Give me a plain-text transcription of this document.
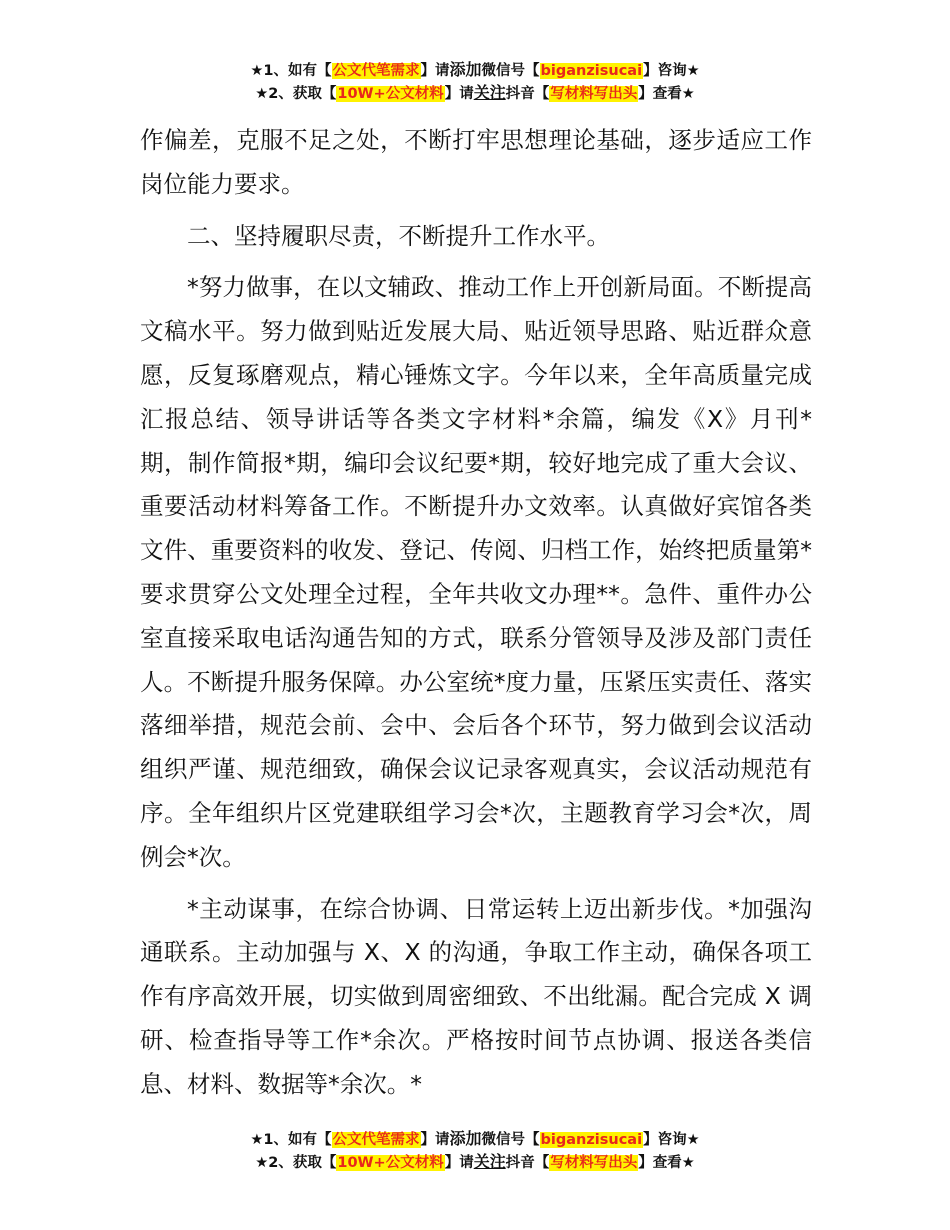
★1、如有【公文代笔需求】请添加微信号【biganzisucai】咨询★
★2、获取【10W+公文材料】请关注抖音【写材料写出头】查看★

作偏差，克服不足之处，不断打牢思想理论基础，逐步适应工作岗位能力要求。

二、坚持履职尽责，不断提升工作水平。

*努力做事，在以文辅政、推动工作上开创新局面。不断提高文稿水平。努力做到贴近发展大局、贴近领导思路、贴近群众意愿，反复琢磨观点，精心锤炼文字。今年以来，全年高质量完成汇报总结、领导讲话等各类文字材料*余篇，编发《X》月刊*期，制作简报*期，编印会议纪要*期，较好地完成了重大会议、重要活动材料筹备工作。不断提升办文效率。认真做好宾馆各类文件、重要资料的收发、登记、传阅、归档工作，始终把质量第*要求贯穿公文处理全过程，全年共收文办理**。急件、重件办公室直接采取电话沟通告知的方式，联系分管领导及涉及部门责任人。不断提升服务保障。办公室统*度力量，压紧压实责任、落实落细举措，规范会前、会中、会后各个环节，努力做到会议活动组织严谨、规范细致，确保会议记录客观真实，会议活动规范有序。全年组织片区党建联组学习会*次，主题教育学习会*次，周例会*次。

*主动谋事，在综合协调、日常运转上迈出新步伐。*加强沟通联系。主动加强与 X、X 的沟通，争取工作主动，确保各项工作有序高效开展，切实做到周密细致、不出纰漏。配合完成 X 调研、检查指导等工作*余次。严格按时间节点协调、报送各类信息、材料、数据等*余次。*

★1、如有【公文代笔需求】请添加微信号【biganzisucai】咨询★
★2、获取【10W+公文材料】请关注抖音【写材料写出头】查看★
